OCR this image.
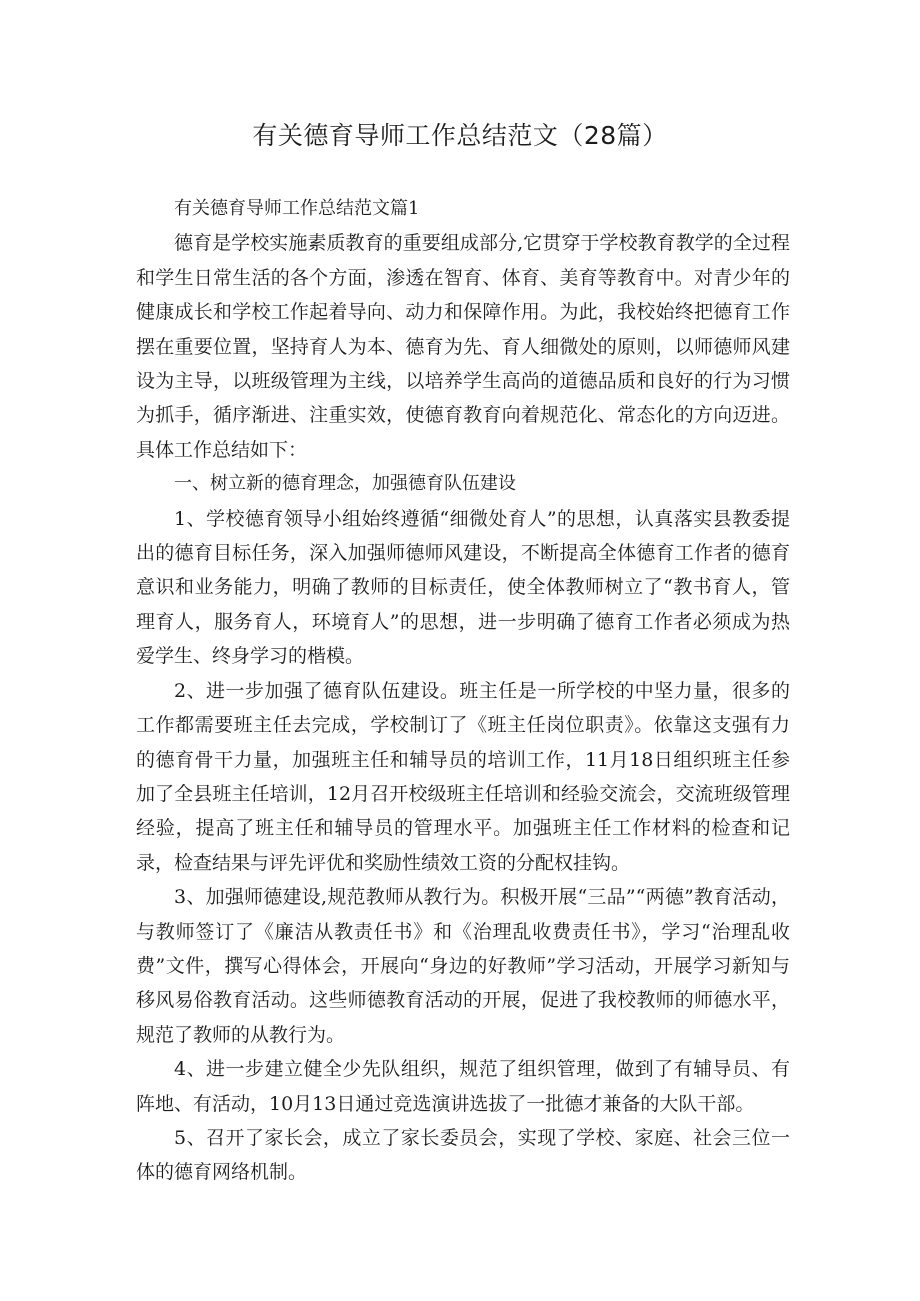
有关德育导师工作总结范文（28篇）

有关德育导师工作总结范文篇1

德育是学校实施素质教育的重要组成部分,它贯穿于学校教育教学的全过程和学生日常生活的各个方面，渗透在智育、体育、美育等教育中。对青少年的健康成长和学校工作起着导向、动力和保障作用。为此，我校始终把德育工作摆在重要位置，坚持育人为本、德育为先、育人细微处的原则，以师德师风建设为主导，以班级管理为主线，以培养学生高尚的道德品质和良好的行为习惯为抓手，循序渐进、注重实效，使德育教育向着规范化、常态化的方向迈进。具体工作总结如下：

一、树立新的德育理念，加强德育队伍建设

1、学校德育领导小组始终遵循“细微处育人”的思想，认真落实县教委提出的德育目标任务，深入加强师德师风建设，不断提高全体德育工作者的德育意识和业务能力，明确了教师的目标责任，使全体教师树立了“教书育人，管理育人，服务育人，环境育人”的思想，进一步明确了德育工作者必须成为热爱学生、终身学习的楷模。

2、进一步加强了德育队伍建设。班主任是一所学校的中坚力量，很多的工作都需要班主任去完成，学校制订了《班主任岗位职责》。依靠这支强有力的德育骨干力量，加强班主任和辅导员的培训工作，11月18日组织班主任参加了全县班主任培训，12月召开校级班主任培训和经验交流会，交流班级管理经验，提高了班主任和辅导员的管理水平。加强班主任工作材料的检查和记录，检查结果与评先评优和奖励性绩效工资的分配权挂钩。

3、加强师德建设,规范教师从教行为。积极开展“三品”“两德”教育活动，与教师签订了《廉洁从教责任书》和《治理乱收费责任书》，学习“治理乱收费”文件，撰写心得体会，开展向“身边的好教师”学习活动，开展学习新知与移风易俗教育活动。这些师德教育活动的开展，促进了我校教师的师德水平，规范了教师的从教行为。

4、进一步建立健全少先队组织，规范了组织管理，做到了有辅导员、有阵地、有活动，10月13日通过竞选演讲选拔了一批德才兼备的大队干部。

5、召开了家长会，成立了家长委员会，实现了学校、家庭、社会三位一体的德育网络机制。
